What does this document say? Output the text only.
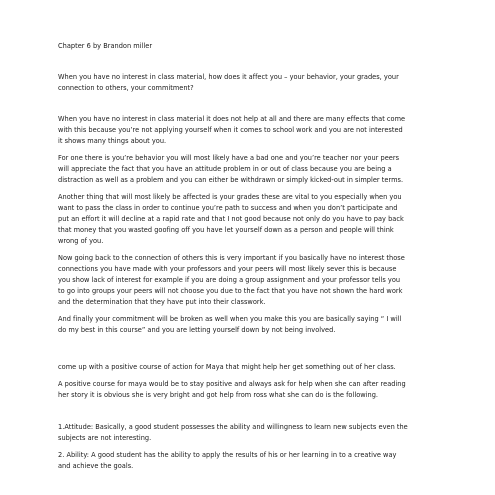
Chapter 6 by Brandon miller

When you have no interest in class material, how does it affect you – your behavior, your grades, your
connection to others, your commitment?

When you have no interest in class material it does not help at all and there are many effects that come
with this because you’re not applying yourself when it comes to school work and you are not interested
it shows many things about you.

For one there is you’re behavior you will most likely have a bad one and you’re teacher nor your peers
will appreciate the fact that you have an attitude problem in or out of class because you are being a
distraction as well as a problem and you can either be withdrawn or simply kicked-out in simpler terms.

Another thing that will most likely be affected is your grades these are vital to you especially when you
want to pass the class in order to continue you’re path to success and when you don’t participate and
put an effort it will decline at a rapid rate and that I not good because not only do you have to pay back
that money that you wasted goofing off you have let yourself down as a person and people will think
wrong of you.

Now going back to the connection of others this is very important if you basically have no interest those
connections you have made with your professors and your peers will most likely sever this is because
you show lack of interest for example if you are doing a group assignment and your professor tells you
to go into groups your peers will not choose you due to the fact that you have not shown the hard work
and the determination that they have put into their classwork.

And finally your commitment will be broken as well when you make this you are basically saying “ I will
do my best in this course” and you are letting yourself down by not being involved.

come up with a positive course of action for Maya that might help her get something out of her class.

A positive course for maya would be to stay positive and always ask for help when she can after reading
her story it is obvious she is very bright and got help from ross what she can do is the following.

1.Attitude: Basically, a good student possesses the ability and willingness to learn new subjects even the
subjects are not interesting.

2. Ability: A good student has the ability to apply the results of his or her learning in to a creative way
and achieve the goals.
